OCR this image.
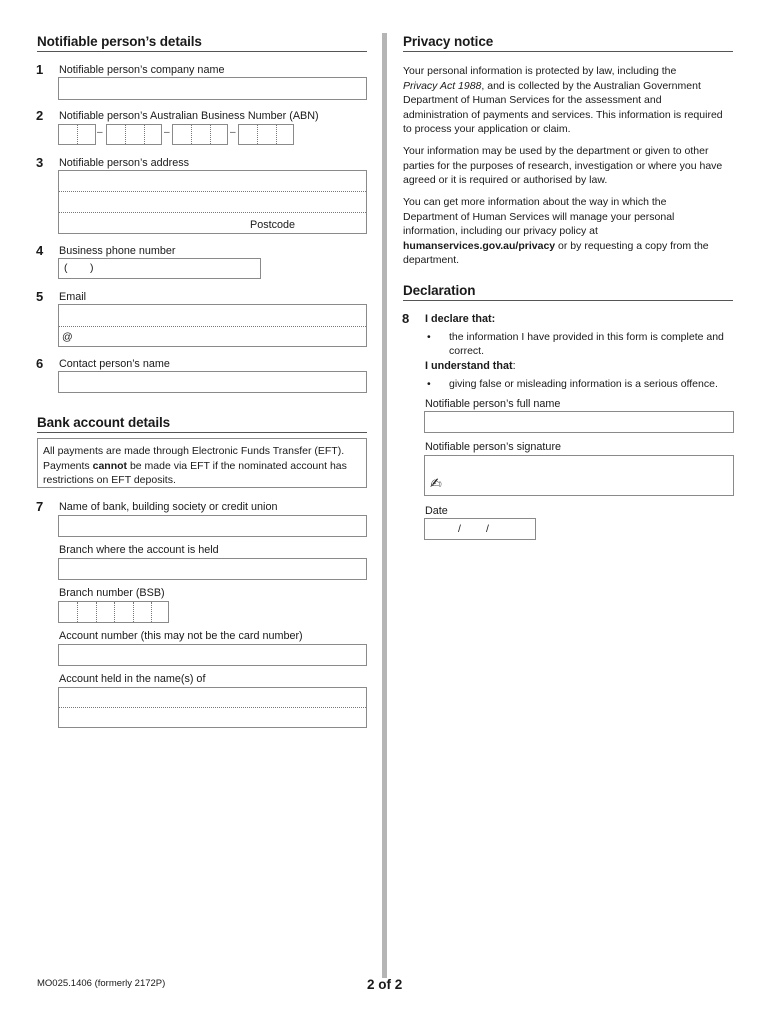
Notifiable person’s details
1 Notifiable person’s company name
2 Notifiable person’s Australian Business Number (ABN)
–	–	–
3 Notifiable person’s address
Postcode
4 Business phone number
( )
5 Email
@
6 Contact person’s name
Bank account details
All payments are made through Electronic Funds Transfer (EFT).
Payments cannot be made via EFT if the nominated account has
restrictions on EFT deposits.
7 Name of bank, building society or credit union
Branch where the account is held
Branch number (BSB)
Account number (this may not be the card number)
Account held in the name(s) of
Privacy notice
Your personal information is protected by law, including the
Privacy Act 1988, and is collected by the Australian Government
Department of Human Services for the assessment and
administration of payments and services. This information is required
to process your application or claim.
Your information may be used by the department or given to other
parties for the purposes of research, investigation or where you have
agreed or it is required or authorised by law.
You can get more information about the way in which the
Department of Human Services will manage your personal
information, including our privacy policy at
humanservices.gov.au/privacy or by requesting a copy from the
department.
Declaration
8 I declare that:
• the information I have provided in this form is complete and
correct.
I understand that:
• giving false or misleading information is a serious offence.
Notifiable person’s full name
Notifiable person’s signature
✍
Date
/ /
MO025.1406 (formerly 2172P)	2 of 2
